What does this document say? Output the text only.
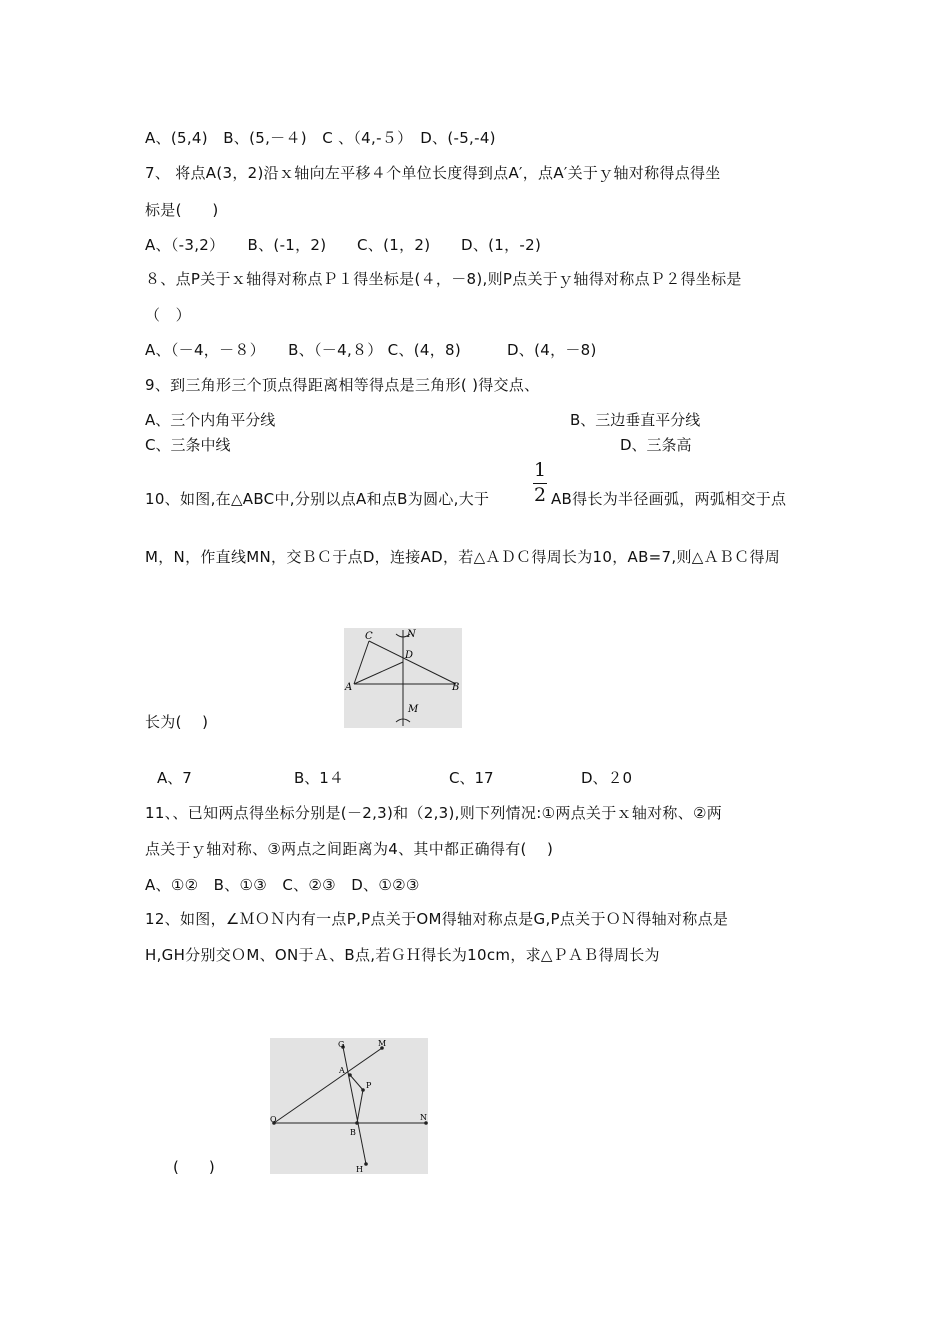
A、(5,4)　B、(5,－４)　C 、（4,-５）　D、(-5,-4)
7、 将点A(3，2)沿ｘ轴向左平移４个单位长度得到点A′，点A′关于ｙ轴对称得点得坐
标是(　　)
A、（-3,2）　　B、(-1，2)　　C、(1，2)　　D、(1，-2)
８、点P关于ｘ轴得对称点Ｐ１得坐标是(４，－8),则P点关于ｙ轴得对称点Ｐ２得坐标是
（　）
A、（－4，－８）　　B、（－4,８） C、(4，8)　　　D、(4，－8)
9、到三角形三个顶点得距离相等得点是三角形( )得交点、
A、三个内角平分线	B、三边垂直平分线
C、三条中线	D、三条高
10、如图,在△ABC中,分别以点A和点B为圆心,大于
1
2 AB得长为半径画弧，两弧相交于点
M，N，作直线MN，交ＢＣ于点D，连接AD，若△ＡＤＣ得周长为10，AB=7,则△ＡＢＣ得周
C	N
D
A	B
M
长为(　 )
A、7	B、1４	C、17	D、２0
11、、已知两点得坐标分别是(－2,3)和（2,3),则下列情况:①两点关于ｘ轴对称、②两
点关于ｙ轴对称、③两点之间距离为4、其中都正确得有(　 )
A、①②　B、①③　C、②③　D、①②③
12、如图，∠ＭＯＮ内有一点P,P点关于OM得轴对称点是G,P点关于ＯＮ得轴对称点是
H,GH分别交ＯM、ON于Ａ、B点,若ＧＨ得长为10cm，求△ＰＡＢ得周长为
G	M
A
P
O	N
B
H
(　　)
